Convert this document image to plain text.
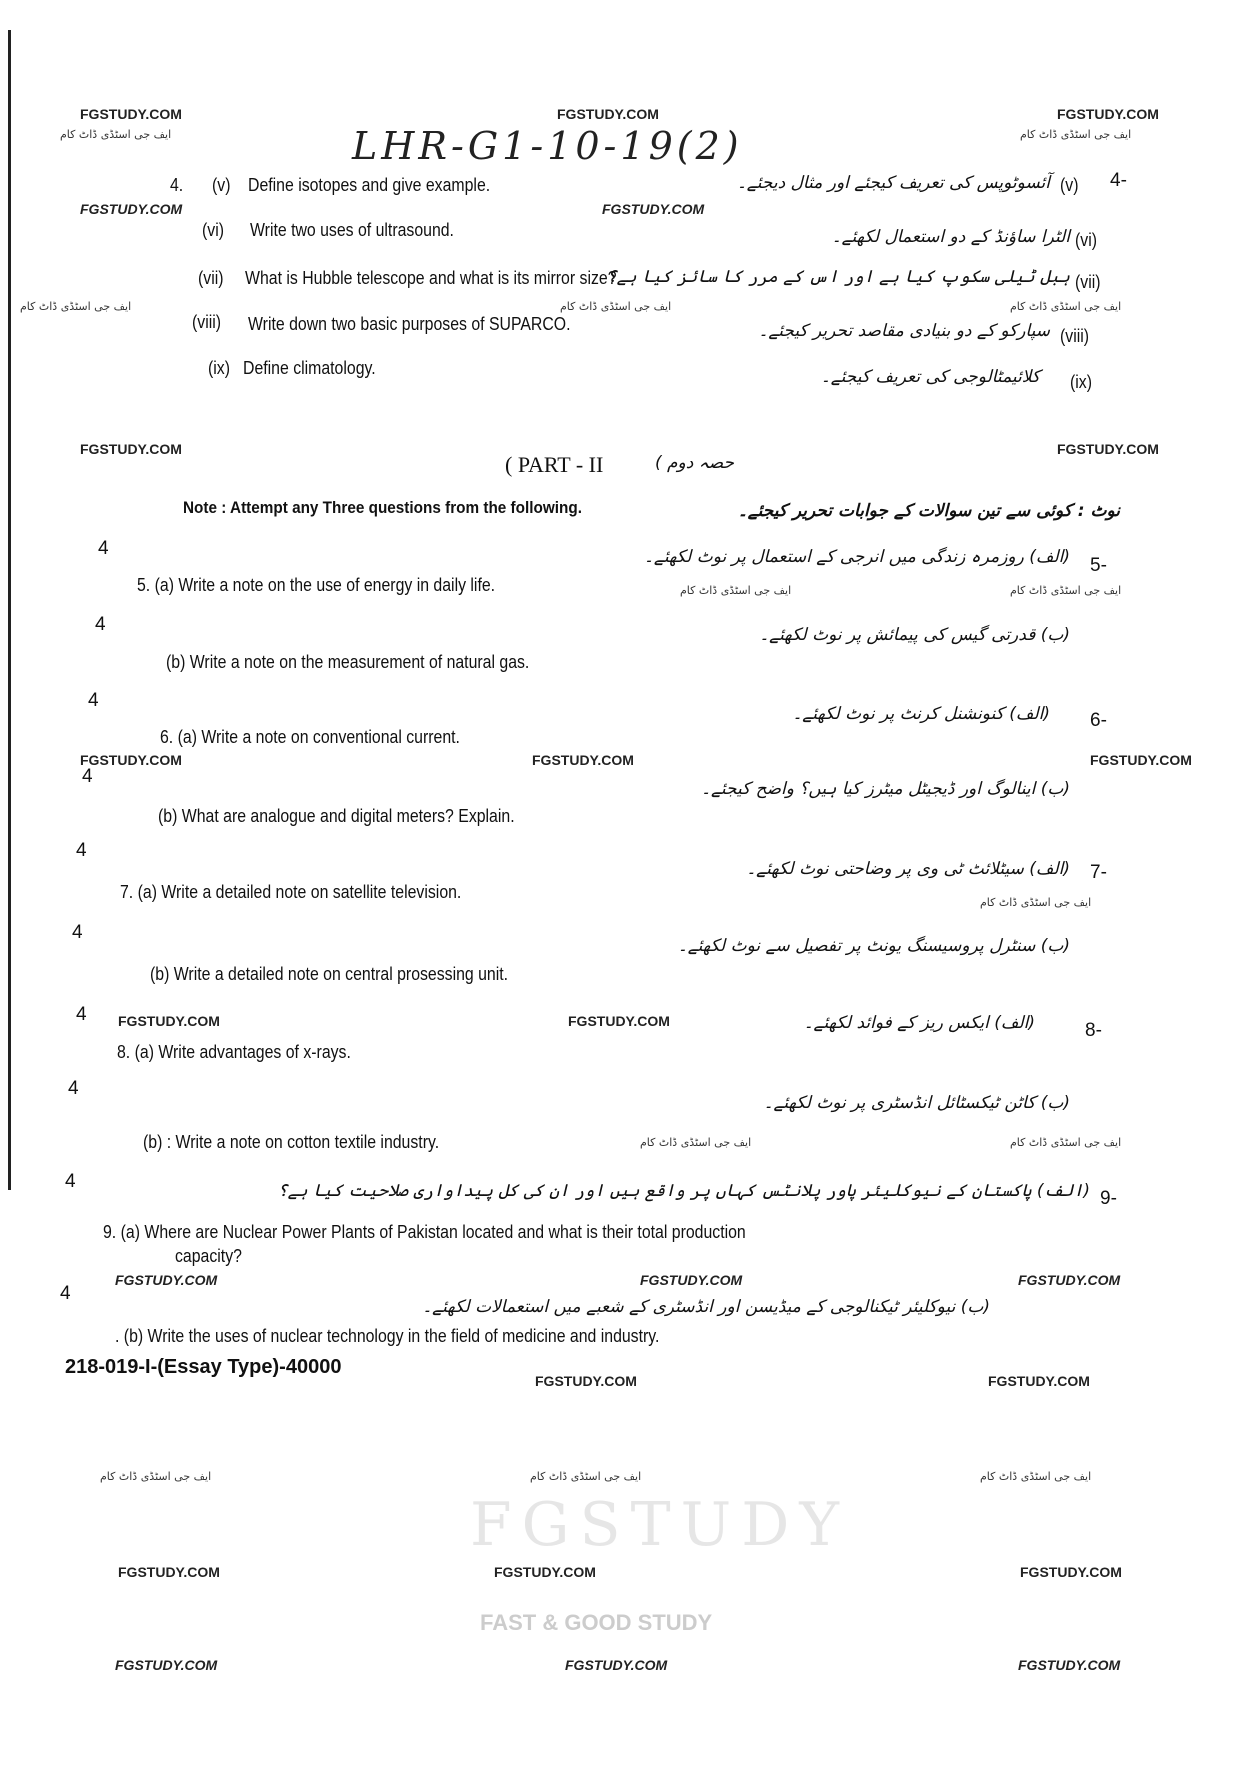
FGSTUDY
FAST & GOOD STUDY
FGSTUDY.COM	FGSTUDY.COM	FGSTUDY.COM
ایف جی اسٹڈی ڈاٹ کام	ایف جی اسٹڈی ڈاٹ کام
LHR-G1-10-19(2)
4. (v) Define isotopes and give example.	آئسوٹوپس کی تعریف کیجئے اور مثال دیجئے۔ (v) 4-
FGSTUDY.COM	FGSTUDY.COM
(vi) Write two uses of ultrasound.	الٹرا ساؤنڈ کے دو استعمال لکھئے۔ (vi)
(vii) What is Hubble telescope and what is its mirror size?
ہبل ٹیلی سکوپ کیا ہے اور اس کے مرر کا سائز کیا ہے؟ (vii)
ایف جی اسٹڈی ڈاٹ کام	ایف جی اسٹڈی ڈاٹ کام	ایف جی اسٹڈی ڈاٹ کام
(viii) Write down two basic purposes of SUPARCO.	سپارکو کے دو بنیادی مقاصد تحریر کیجئے۔ (viii)
(ix) Define climatology.	کلائیمٹالوجی کی تعریف کیجئے۔ (ix)
FGSTUDY.COM	FGSTUDY.COM
( PART - II	حصہ دوم )
Note : Attempt any Three questions from the following.	نوٹ : کوئی سے تین سوالات کے جوابات تحریر کیجئے۔
4
4
4
4
4
4
4
4
4
4
(الف) روزمرہ زندگی میں انرجی کے استعمال پر نوٹ لکھئے۔ 5-
5. (a) Write a note on the use of energy in daily life.	ایف جی اسٹڈی ڈاٹ کام	ایف جی اسٹڈی ڈاٹ کام
(ب) قدرتی گیس کی پیمائش پر نوٹ لکھئے۔
(b) Write a note on the measurement of natural gas.
(الف) کنونشنل کرنٹ پر نوٹ لکھئے۔ 6-
6. (a) Write a note on conventional current.
FGSTUDY.COM	FGSTUDY.COM	FGSTUDY.COM
(ب) اینالوگ اور ڈیجیٹل میٹرز کیا ہیں؟ واضح کیجئے۔
(b) What are analogue and digital meters? Explain.
(الف) سیٹلائٹ ٹی وی پر وضاحتی نوٹ لکھئے۔ 7-
7. (a) Write a detailed note on satellite television.
ایف جی اسٹڈی ڈاٹ کام
(ب) سنٹرل پروسیسنگ یونٹ پر تفصیل سے نوٹ لکھئے۔
(b) Write a detailed note on central prosessing unit.
FGSTUDY.COM	FGSTUDY.COM	(الف) ایکس ریز کے فوائد لکھئے۔	8-
8. (a) Write advantages of x-rays.
(ب) کاٹن ٹیکسٹائل انڈسٹری پر نوٹ لکھئے۔
(b) : Write a note on cotton textile industry.	ایف جی اسٹڈی ڈاٹ کام	ایف جی اسٹڈی ڈاٹ کام
(الف) پاکستان کے نیوکلیئر پاور پلانٹس کہاں پر واقع ہیں اور ان کی کل پیداواری صلاحیت کیا ہے؟ 9-
9. (a) Where are Nuclear Power Plants of Pakistan located and what is their total production
capacity?
FGSTUDY.COM	FGSTUDY.COM	FGSTUDY.COM
(ب) نیوکلیئر ٹیکنالوجی کے میڈیسن اور انڈسٹری کے شعبے میں استعمالات لکھئے۔
. (b) Write the uses of nuclear technology in the field of medicine and industry.
218-019-I-(Essay Type)-40000
FGSTUDY.COM	FGSTUDY.COM
ایف جی اسٹڈی ڈاٹ کام	ایف جی اسٹڈی ڈاٹ کام	ایف جی اسٹڈی ڈاٹ کام
FGSTUDY.COM	FGSTUDY.COM	FGSTUDY.COM
FGSTUDY.COM	FGSTUDY.COM	FGSTUDY.COM
